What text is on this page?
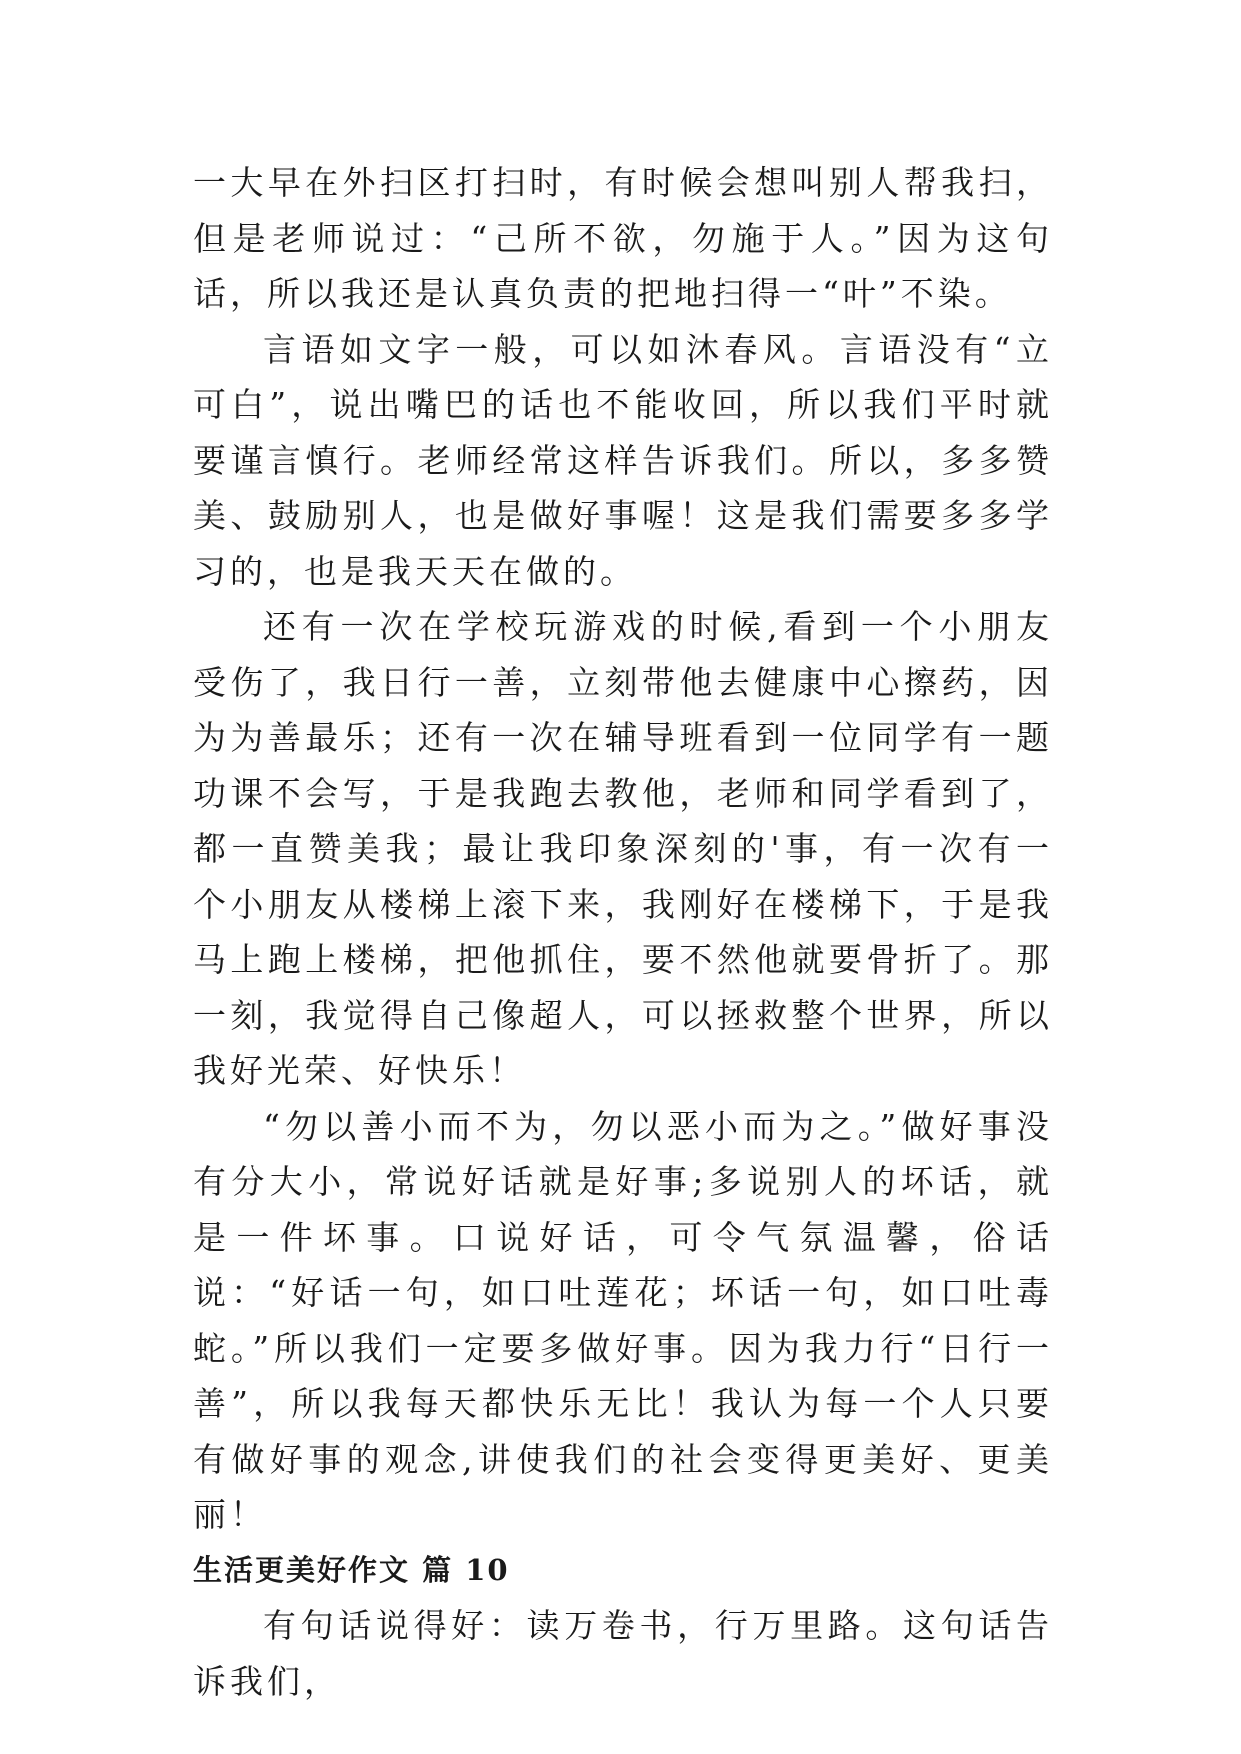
一大早在外扫区打扫时，有时候会想叫别人帮我扫，但是老师说过：“己所不欲，勿施于人。”因为这句话，所以我还是认真负责的把地扫得一“叶”不染。

言语如文字一般，可以如沐春风。言语没有“立可白”，说出嘴巴的话也不能收回，所以我们平时就要谨言慎行。老师经常这样告诉我们。所以，多多赞美、鼓励别人，也是做好事喔！这是我们需要多多学习的，也是我天天在做的。

还有一次在学校玩游戏的时候,看到一个小朋友受伤了，我日行一善，立刻带他去健康中心擦药，因为为善最乐；还有一次在辅导班看到一位同学有一题功课不会写，于是我跑去教他，老师和同学看到了，都一直赞美我；最让我印象深刻的'事，有一次有一个小朋友从楼梯上滚下来，我刚好在楼梯下，于是我马上跑上楼梯，把他抓住，要不然他就要骨折了。那一刻，我觉得自己像超人，可以拯救整个世界，所以我好光荣、好快乐！

“勿以善小而不为，勿以恶小而为之。”做好事没有分大小，常说好话就是好事;多说别人的坏话，就是一件坏事。口说好话，可令气氛温馨，俗话说：“好话一句，如口吐莲花；坏话一句，如口吐毒蛇。”所以我们一定要多做好事。因为我力行“日行一善”，所以我每天都快乐无比！我认为每一个人只要有做好事的观念,讲使我们的社会变得更美好、更美丽！

生活更美好作文 篇 10

有句话说得好：读万卷书，行万里路。这句话告诉我们，
